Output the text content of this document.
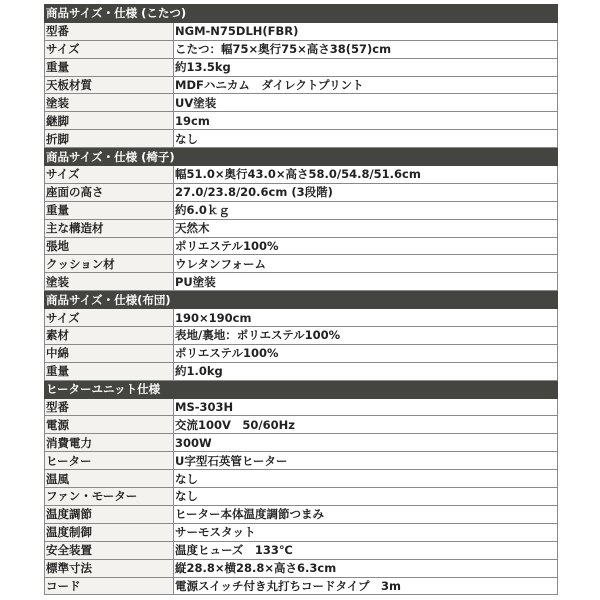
商品サイズ・仕様 (こたつ)	
型番	NGM-N75DLH(FBR)
サイズ	こたつ：幅75×奥行75×高さ38(57)cm
重量	約13.5kg
天板材質	MDFハニカム　ダイレクトプリント
塗装	UV塗装
継脚	19cm
折脚	なし
商品サイズ・仕様 (椅子)	
サイズ	幅51.0×奥行43.0×高さ58.0/54.8/51.6cm
座面の高さ	27.0/23.8/20.6cm (3段階)
重量	約6.0ｋｇ
主な構造材	天然木
張地	ポリエステル100%
クッション材	ウレタンフォーム
塗装	PU塗装
商品サイズ・仕様(布団)	
サイズ	190×190cm
素材	表地/裏地：ポリエステル100%
中綿	ポリエステル100%
重量	約1.0kg
ヒーターユニット仕様	
型番	MS-303H
電源	交流100V　50/60Hz
消費電力	300W
ヒーター	U字型石英管ヒーター
温風	なし
ファン・モーター	なし
温度調節	ヒーター本体温度調節つまみ
温度制御	サーモスタット
安全装置	温度ヒューズ　133℃
標準寸法	縦28.8×横28.8×高さ6.3cm
コード	電源スイッチ付き丸打ちコードタイプ　3m
